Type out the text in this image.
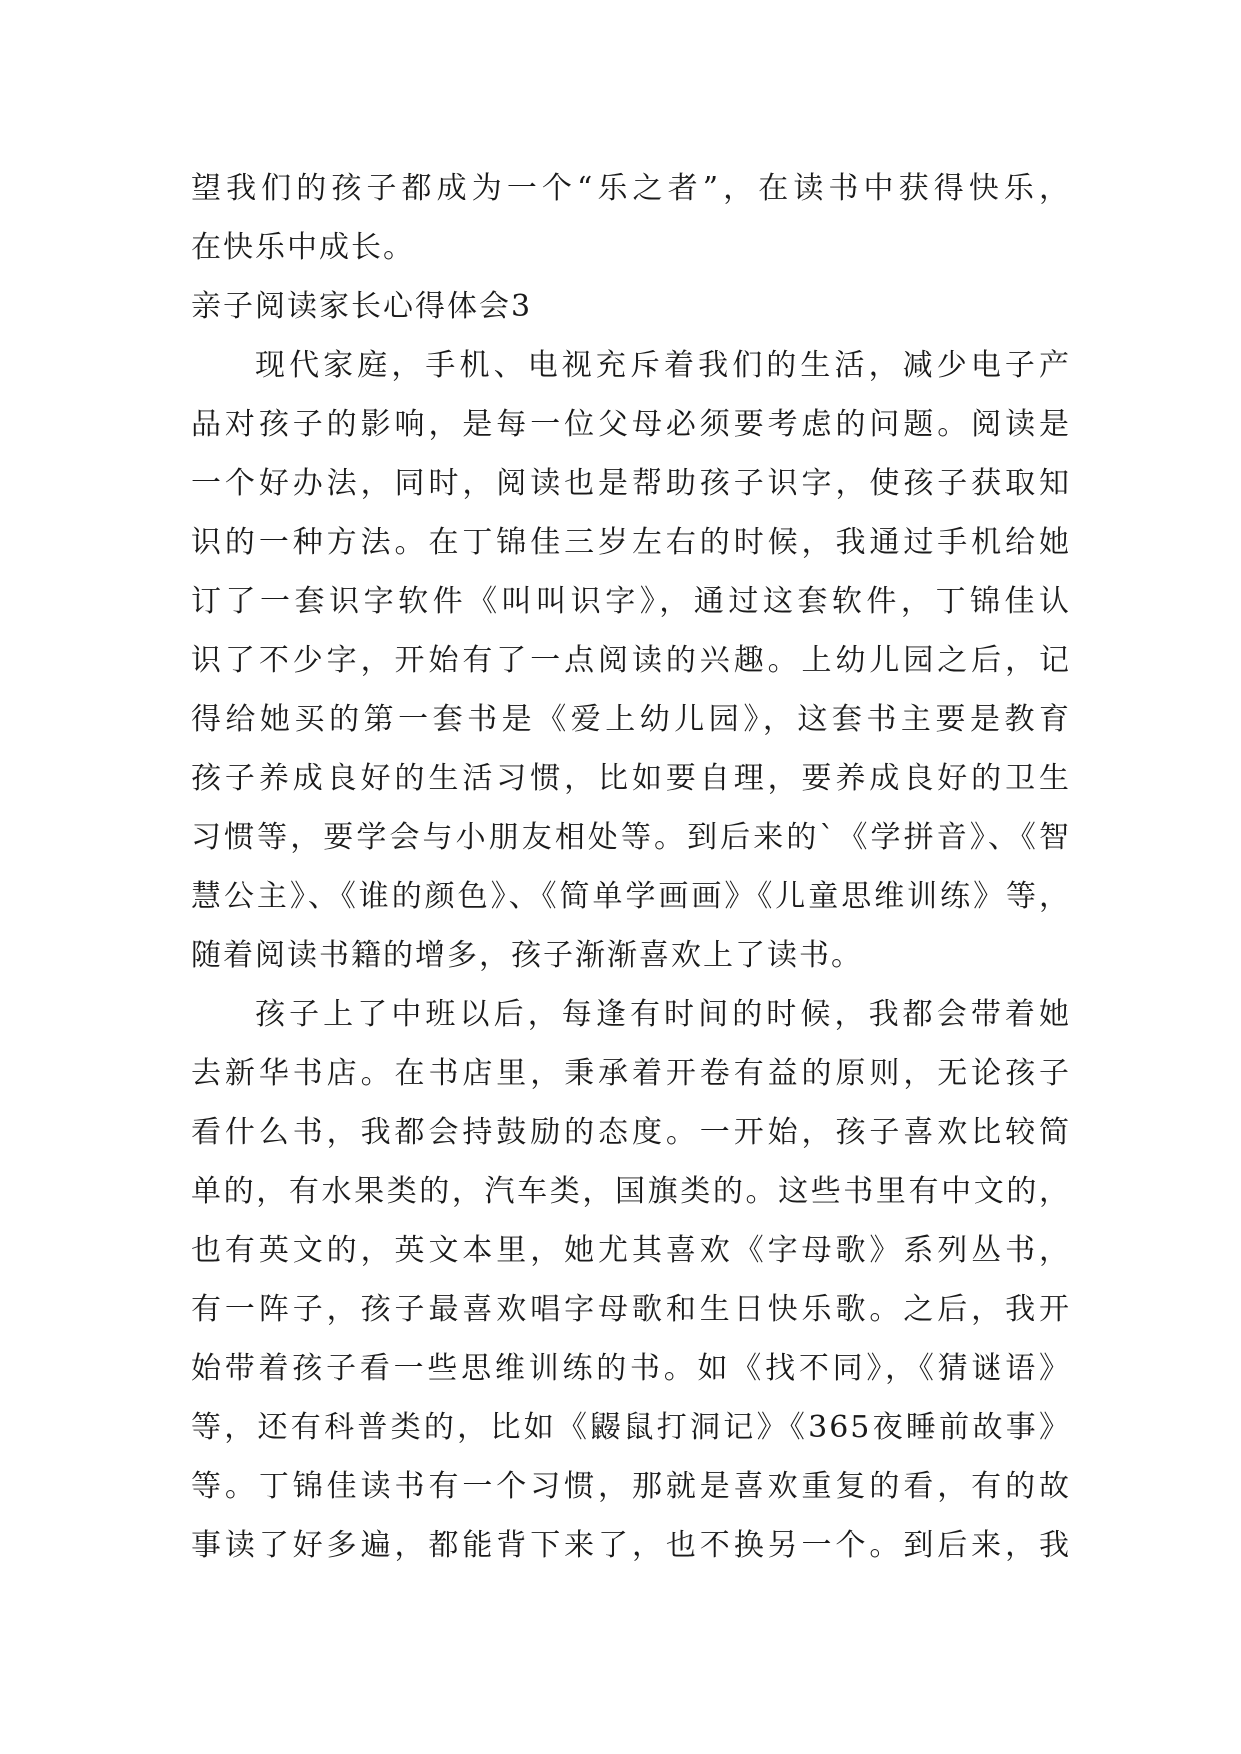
望我们的孩子都成为一个“乐之者”，在读书中获得快乐，
在快乐中成长。
亲子阅读家长心得体会3
现代家庭，手机、电视充斥着我们的生活，减少电子产
品对孩子的影响，是每一位父母必须要考虑的问题。阅读是
一个好办法，同时，阅读也是帮助孩子识字，使孩子获取知
识的一种方法。在丁锦佳三岁左右的时候，我通过手机给她
订了一套识字软件《叫叫识字》，通过这套软件，丁锦佳认
识了不少字，开始有了一点阅读的兴趣。上幼儿园之后，记
得给她买的第一套书是《爱上幼儿园》，这套书主要是教育
孩子养成良好的生活习惯，比如要自理，要养成良好的卫生
习惯等，要学会与小朋友相处等。到后来的`《学拼音》、《智
慧公主》、《谁的颜色》、《简单学画画》《儿童思维训练》等，
随着阅读书籍的增多，孩子渐渐喜欢上了读书。
孩子上了中班以后，每逢有时间的时候，我都会带着她
去新华书店。在书店里，秉承着开卷有益的原则，无论孩子
看什么书，我都会持鼓励的态度。一开始，孩子喜欢比较简
单的，有水果类的，汽车类，国旗类的。这些书里有中文的，
也有英文的，英文本里，她尤其喜欢《字母歌》系列丛书，
有一阵子，孩子最喜欢唱字母歌和生日快乐歌。之后，我开
始带着孩子看一些思维训练的书。如《找不同》，《猜谜语》
等，还有科普类的，比如《鼹鼠打洞记》《365夜睡前故事》
等。丁锦佳读书有一个习惯，那就是喜欢重复的看，有的故
事读了好多遍，都能背下来了，也不换另一个。到后来，我
